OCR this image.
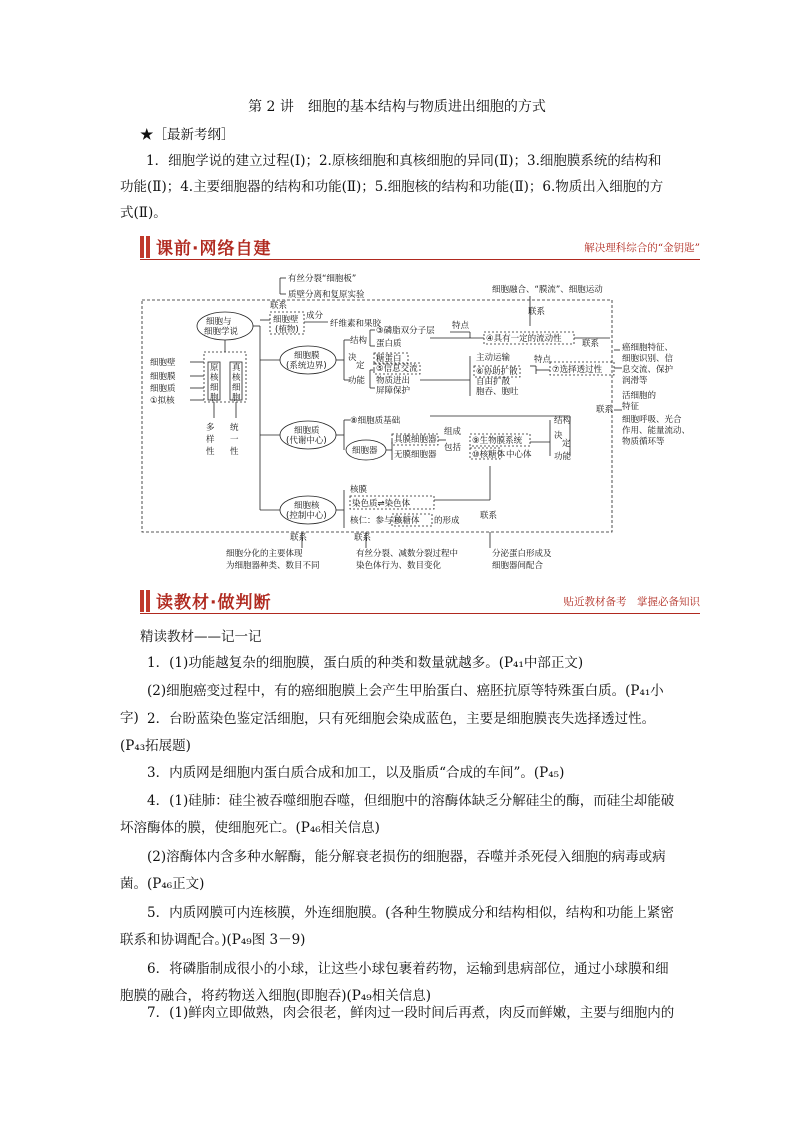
第 2 讲　细胞的基本结构与物质进出细胞的方式
★［最新考纲］
1．细胞学说的建立过程(Ⅰ)；2.原核细胞和真核细胞的异同(Ⅱ)；3.细胞膜系统的结构和
功能(Ⅱ)；4.主要细胞器的结构和功能(Ⅱ)；5.细胞核的结构和功能(Ⅱ)；6.物质出入细胞的方
式(Ⅱ)。
课前·网络自建	解决理科综合的“金钥匙”
有丝分裂“细胞板”
质壁分离和复原实验
联系
细胞壁
(植物)
成分
纤维素和果胶
细胞与
细胞学说
细胞壁
细胞膜
细胞质
①拟核
原
核
细
胞
真
核
细
胞
多
样
性
统
一
性
细胞膜
(系统边界)
结构
决
定
功能
③磷脂双分子层
蛋白质
糖蛋白
特点
④具有一定的流动性
⑤信息交流
物质进出
屏障保护
主动运输
⑥协助扩散
自由扩散
胞吞、胞吐
特点
⑦选择透过性
细胞融合、“膜流”、细胞运动
联系
联系
联系
癌细胞特征、
细胞识别、信
息交流、保护
润滑等
活细胞的
特征
细胞呼吸、光合
作用、能量流动、
物质循环等
细胞质
(代谢中心)
⑧细胞质基础
细胞器
具膜细胞器
无膜细胞器
组成
包括
⑨生物膜系统
⑩核糖体 中心体
结构
决
定
功能
细胞核
(控制中心)
核膜
染色质⇌染色体
核仁：参与⑪
核糖体 的形成 联系
联系	联系
细胞分化的主要体现
为细胞器种类、数目不同
有丝分裂、减数分裂过程中
染色体行为、数目变化
分泌蛋白形成及
细胞器间配合
读教材·做判断	贴近教材备考　掌握必备知识
精读教材——记一记
1．(1)功能越复杂的细胞膜，蛋白质的种类和数量就越多。(P₄₁中部正文)
(2)细胞癌变过程中，有的癌细胞膜上会产生甲胎蛋白、癌胚抗原等特殊蛋白质。(P₄₁小字) 2．台盼蓝染色鉴定活细胞，只有死细胞会染成蓝色，主要是细胞膜丧失选择透过性。(P₄₃拓展题)
3．内质网是细胞内蛋白质合成和加工，以及脂质“合成的车间”。(P₄₅)
4．(1)硅肺：硅尘被吞噬细胞吞噬，但细胞中的溶酶体缺乏分解硅尘的酶，而硅尘却能破坏溶酶体的膜，使细胞死亡。(P₄₆相关信息)
(2)溶酶体内含多种水解酶，能分解衰老损伤的细胞器，吞噬并杀死侵入细胞的病毒或病菌。(P₄₆正文)
5．内质网膜可内连核膜，外连细胞膜。(各种生物膜成分和结构相似，结构和功能上紧密联系和协调配合。)(P₄₉图 3－9)
6．将磷脂制成很小的小球，让这些小球包裹着药物，运输到患病部位，通过小球膜和细胞膜的融合，将药物送入细胞(即胞吞)(P₄₉相关信息)
7．(1)鲜肉立即做熟，肉会很老，鲜肉过一段时间后再煮，肉反而鲜嫩，主要与细胞内的
